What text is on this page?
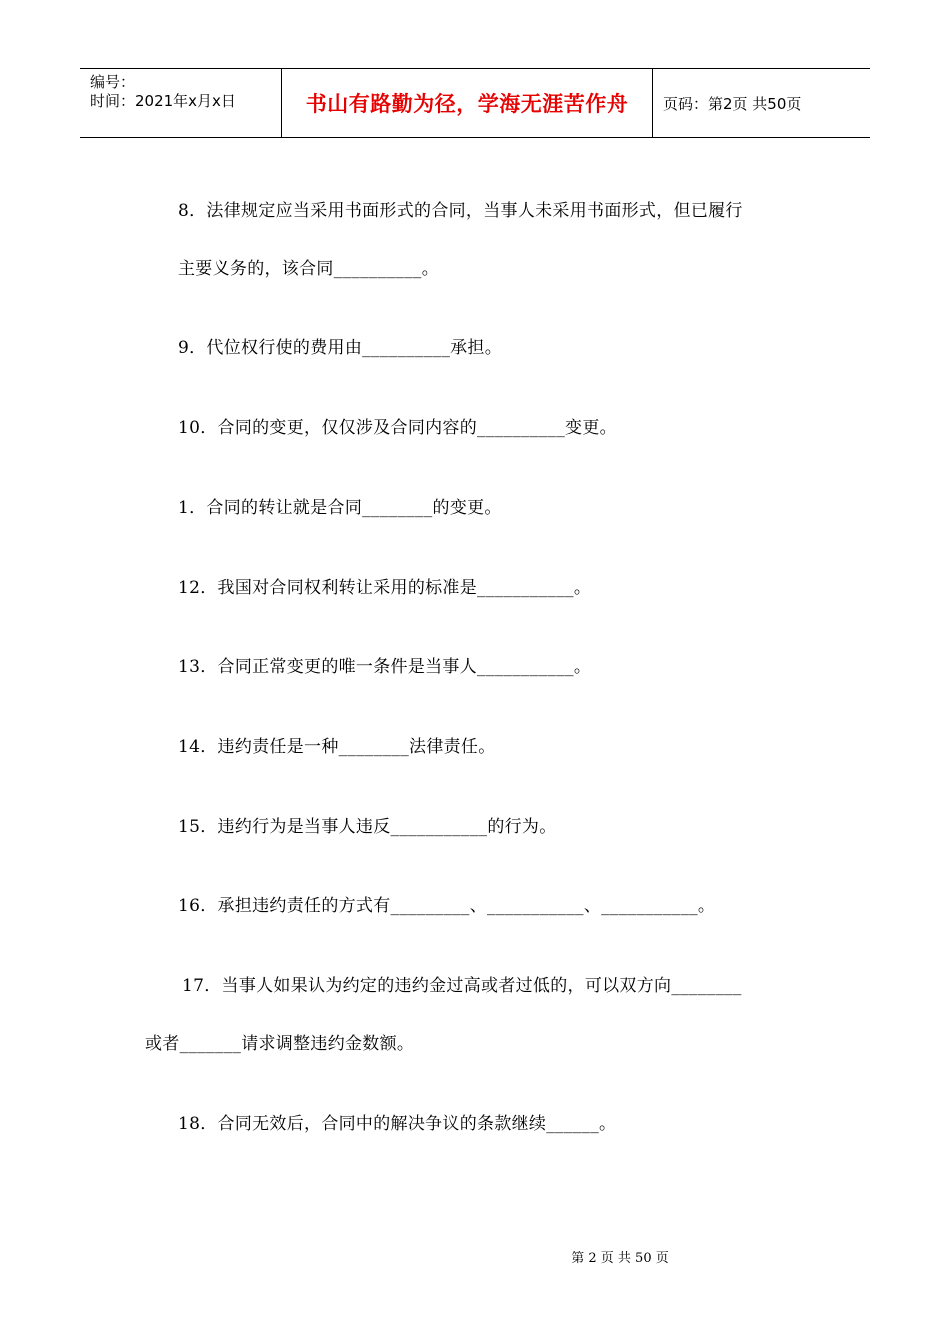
编号：
时间：2021年x月x日	书山有路勤为径，学海无涯苦作舟 页码：第2页 共50页
8．法律规定应当采用书面形式的合同，当事人未采用书面形式，但已履行
主要义务的，该合同__________。
9．代位权行使的费用由__________承担。
10．合同的变更，仅仅涉及合同内容的__________变更。
1．合同的转让就是合同________的变更。
12．我国对合同权利转让采用的标准是___________。
13．合同正常变更的唯一条件是当事人___________。
14．违约责任是一种________法律责任。
15．违约行为是当事人违反___________的行为。
16．承担违约责任的方式有_________、___________、___________。
17．当事人如果认为约定的违约金过高或者过低的，可以双方向________
或者_______请求调整违约金数额。
18．合同无效后，合同中的解决争议的条款继续______。
第 2 页 共 50 页
